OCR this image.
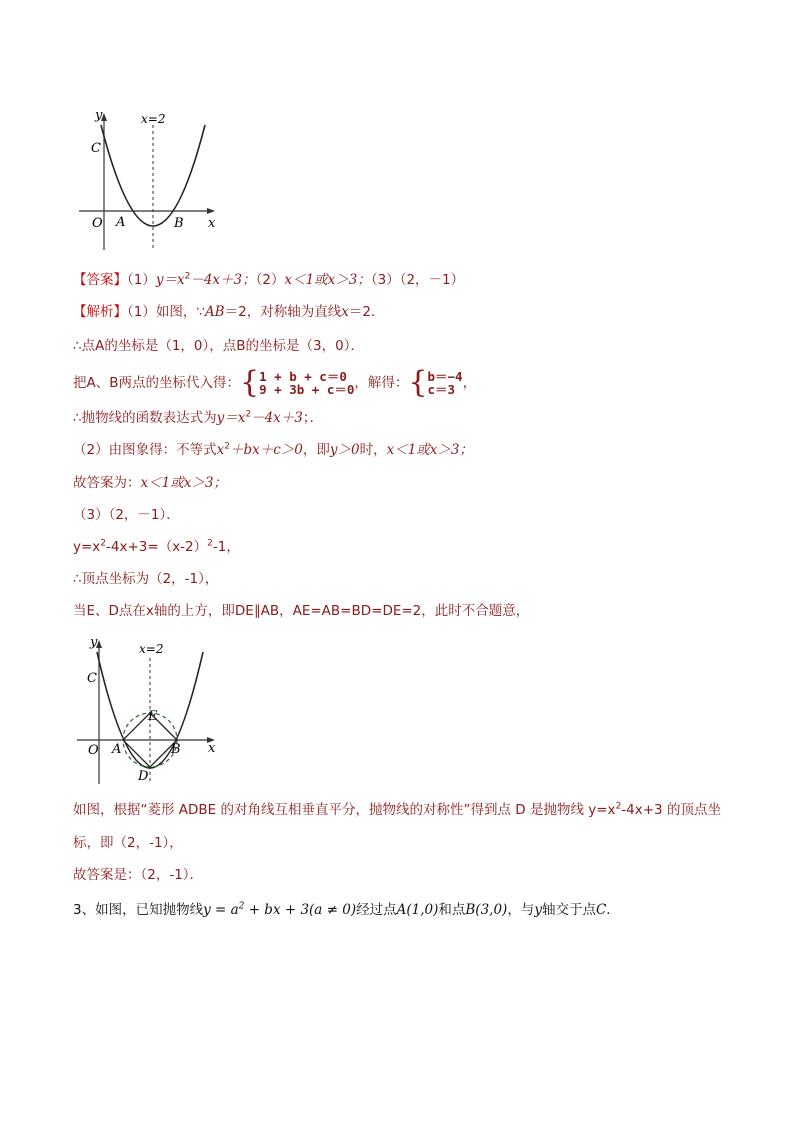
y
x
x=2
C
O A	B
【答案】$(1)y=x^2-4x+3$；（2）x＜1或x＞3；（3）（2，－1）
【解析】（1）如图，∵AB＝2，对称轴为直线x＝2．
∴点A的坐标是（1，0），点B的坐标是（3，0）．
把A、B两点的坐标代入得：{1 + b + c＝0
9 + 3b + c＝0，解得：{b＝−4
c＝3 ，
∴抛物线的函数表达式为$y=x^2-4x+3$；．
（2）由图象得：不等式$x^2+bx+c>0$，即y＞0时，x＜1或x＞3；
故答案为：x＜1或x＞3；
（3）（2，－1）．
$y=x^2-4x+3=(x-2)^2-1$，
∴顶点坐标为（2，-1），
当E、D点在x轴的上方，即DE∥AB，AE=AB=BD=DE=2，此时不合题意，
y
x
x=2
C
O A	B
E
D
如图，根据“菱形 ADBE 的对角线互相垂直平分，抛物线的对称性”得到点 D 是抛物线 $y=x^2-4x+3$ 的顶点坐
标，即（2，-1），
故答案是：（2，-1）．
3、如图，已知抛物线$y = a^2$ + bx + 3(a ≠ 0)经过点A(1,0)和点B(3,0)，与y轴交于点C．
